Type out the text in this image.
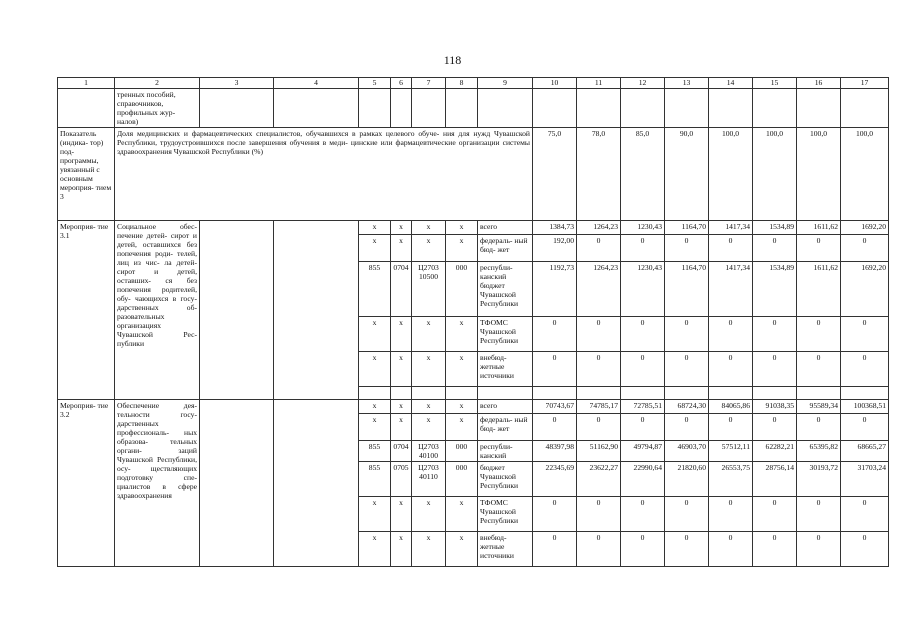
118
1	2	3	4	5	6	7	8	9	10	11	12	13	14	15	16	17
	тренных пособий, справочников, профильных жур- налов)															
Показатель (индика- тор) под- программы, увязанный с основным мероприя- тием 3	Доля медицинских и фармацевтических специалистов, обучавшихся в рамках целевого обуче- ния для нужд Чувашской Республики, трудоустроившихся после завершения обучения в меди- цинские или фармацевтические организации системы здравоохранения Чувашской Республики (%)								75,0	78,0	85,0	90,0	100,0	100,0	100,0	100,0
Мероприя- тие 3.1	Социальное обес- печение детей- сирот и детей, оставшихся без попечения роди- телей, лиц из чис- ла детей-сирот и детей, оставших- ся без попечения родителей, обу- чающихся в госу- дарственных об- разовательных организациях Чувашской Рес- публики			x	x	x	x	всего	1384,73	1264,23	1230,43	1164,70	1417,34	1534,89	1611,62	1692,20
				x	x	x	x	федераль- ный бюд- жет	192,00	0	0	0	0	0	0	0
				855	0704	Ц2703 10500	000	республи- канский бюджет Чувашской Республики	1192,73	1264,23	1230,43	1164,70	1417,34	1534,89	1611,62	1692,20
				x	x	x	x	ТФОМС Чувашской Республики	0	0	0	0	0	0	0	0
				x	x	x	x	внебюд- жетные источники	0	0	0	0	0	0	0	0

Мероприя- тие 3.2	Обеспечение дея- тельности госу- дарственных профессиональ- ных образова- тельных органи- заций Чувашской Республики, осу- ществляющих подготовку спе- циалистов в сфере здравоохранения			x	x	x	x	всего	70743,67	74785,17	72785,51	68724,30	84065,86	91038,35	95589,34	100368,51
				x	x	x	x	федераль- ный бюд- жет	0	0	0	0	0	0	0	0
				855	0704	Ц2703 40100	000	республи- канский	48397,98	51162,90	49794,87	46903,70	57512,11	62282,21	65395,82	68665,27
				855	0705	Ц2703 40110	000	бюджет Чувашской Республики	22345,69	23622,27	22990,64	21820,60	26553,75	28756,14	30193,72	31703,24
				x	x	x	x	ТФОМС Чувашской Республики	0	0	0	0	0	0	0	0
				x	x	x	x	внебюд- жетные источники	0	0	0	0	0	0	0	0
